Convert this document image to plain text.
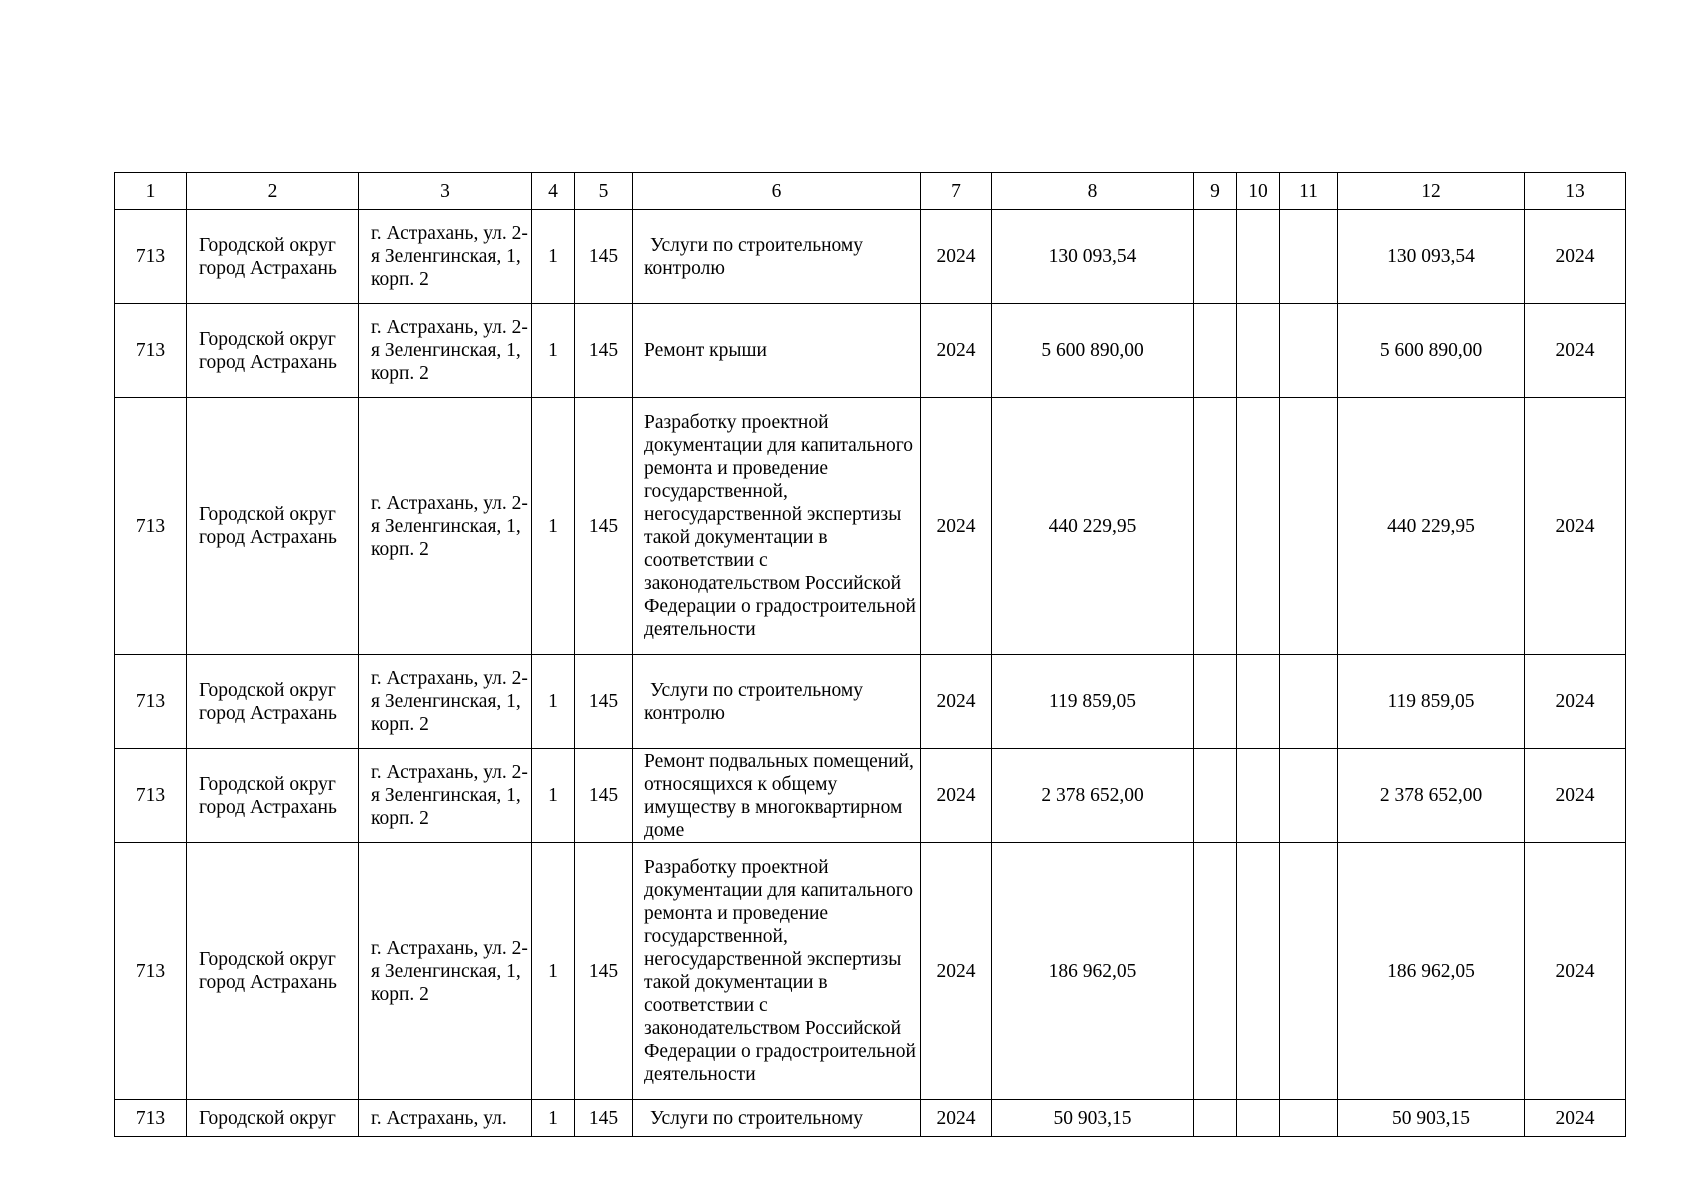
1	2	3	4	5	6	7	8	9	10	11	12	13
713	Городской округ город Астрахань	г. Астрахань, ул. 2-я Зеленгинская, 1, корп. 2	1	145	Услуги по строительному контролю	2024	130 093,54				130 093,54	2024
713	Городской округ город Астрахань	г. Астрахань, ул. 2-я Зеленгинская, 1, корп. 2	1	145	Ремонт крыши	2024	5 600 890,00				5 600 890,00	2024
713	Городской округ город Астрахань	г. Астрахань, ул. 2-я Зеленгинская, 1, корп. 2	1	145	Разработку проектной документации для капитального ремонта и проведение государственной, негосударственной экспертизы такой документации в соответствии с законодательством Российской Федерации о градостроительной деятельности	2024	440 229,95				440 229,95	2024
713	Городской округ город Астрахань	г. Астрахань, ул. 2-я Зеленгинская, 1, корп. 2	1	145	Услуги по строительному контролю	2024	119 859,05				119 859,05	2024
713	Городской округ город Астрахань	г. Астрахань, ул. 2-я Зеленгинская, 1, корп. 2	1	145	Ремонт подвальных помещений, относящихся к общему имуществу в многоквартирном доме	2024	2 378 652,00				2 378 652,00	2024
713	Городской округ город Астрахань	г. Астрахань, ул. 2-я Зеленгинская, 1, корп. 2	1	145	Разработку проектной документации для капитального ремонта и проведение государственной, негосударственной экспертизы такой документации в соответствии с законодательством Российской Федерации о градостроительной деятельности	2024	186 962,05				186 962,05	2024
713	Городской округ	г. Астрахань, ул.	1	145	Услуги по строительному	2024	50 903,15				50 903,15	2024
